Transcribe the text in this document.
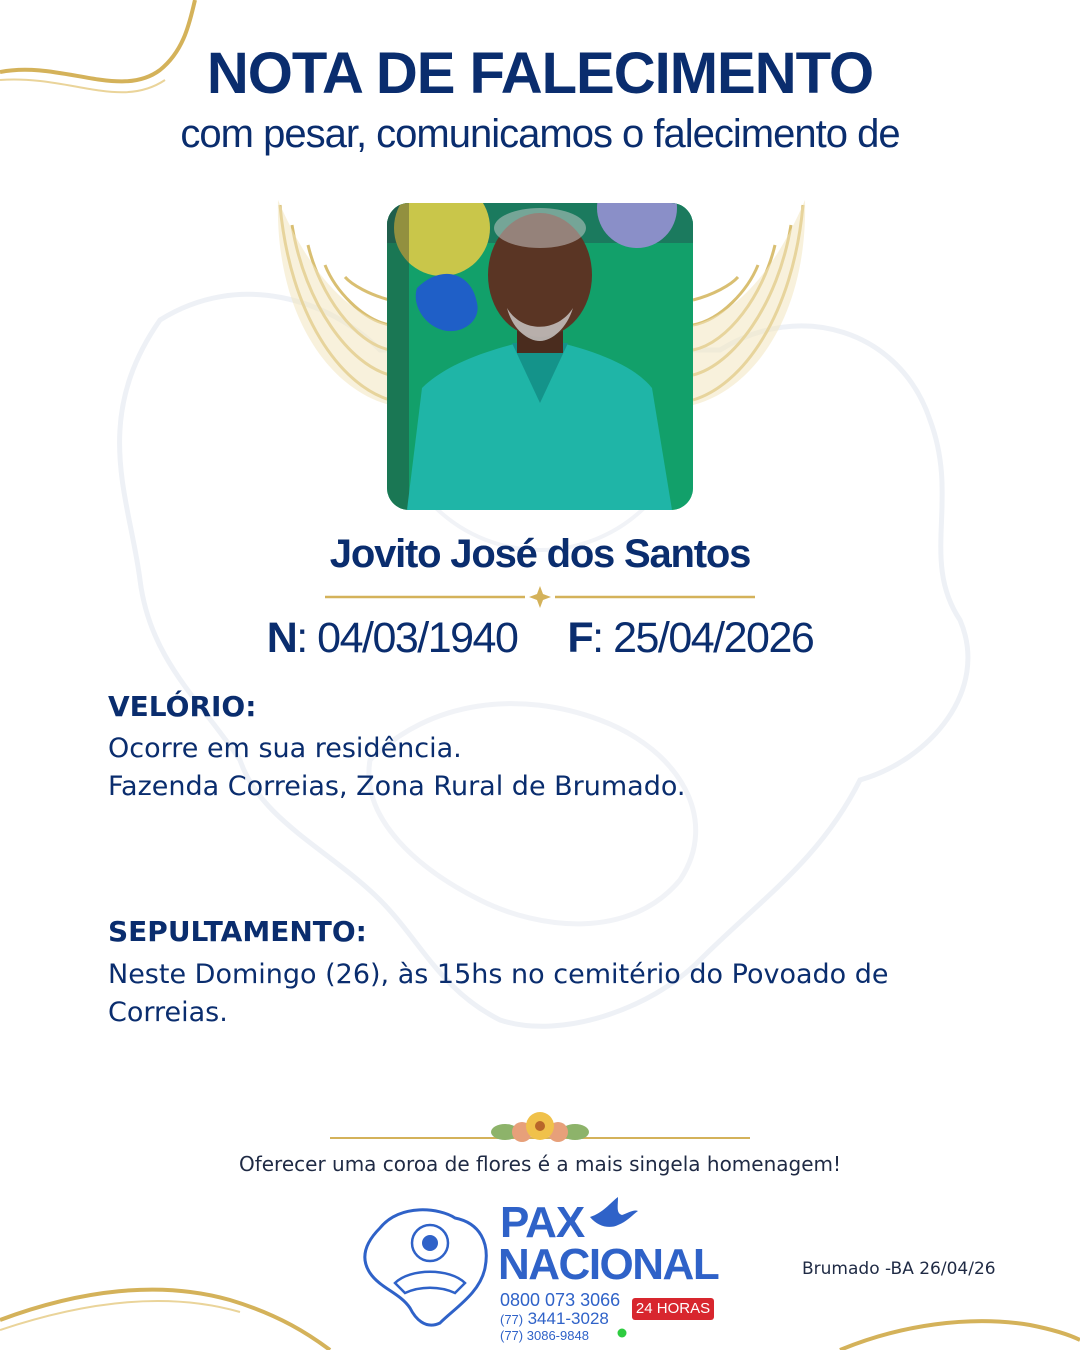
NOTA DE FALECIMENTO
com pesar, comunicamos o falecimento de
Jovito José dos Santos
N: 04/03/1940 F: 25/04/2026
VELÓRIO:
Ocorre em sua residência.
Fazenda Correias, Zona Rural de Brumado.
SEPULTAMENTO:
Neste Domingo (26), às 15hs no cemitério do Povoado de Correias.
Oferecer uma coroa de flores é a mais singela homenagem!
PAX
NACIONAL
0800 073 3066
(77) 3441-3028
(77) 3086-9848
24 HORAS
Brumado -BA 26/04/26
